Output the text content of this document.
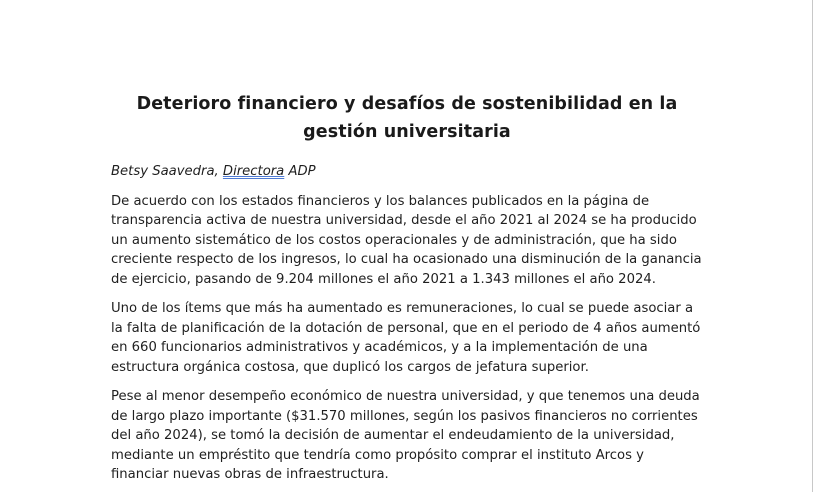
Deterioro financiero y desafíos de sostenibilidad en la
gestión universitaria

Betsy Saavedra, Directora ADP

De acuerdo con los estados financieros y los balances publicados en la página de transparencia activa de nuestra universidad, desde el año 2021 al 2024 se ha producido un aumento sistemático de los costos operacionales y de administración, que ha sido creciente respecto de los ingresos, lo cual ha ocasionado una disminución de la ganancia de ejercicio, pasando de 9.204 millones el año 2021 a 1.343 millones el año 2024.

Uno de los ítems que más ha aumentado es remuneraciones, lo cual se puede asociar a la falta de planificación de la dotación de personal, que en el periodo de 4 años aumentó en 660 funcionarios administrativos y académicos, y a la implementación de una estructura orgánica costosa, que duplicó los cargos de jefatura superior.

Pese al menor desempeño económico de nuestra universidad, y que tenemos una deuda de largo plazo importante ($31.570 millones, según los pasivos financieros no corrientes del año 2024), se tomó la decisión de aumentar el endeudamiento de la universidad, mediante un empréstito que tendría como propósito comprar el instituto Arcos y financiar nuevas obras de infraestructura.
